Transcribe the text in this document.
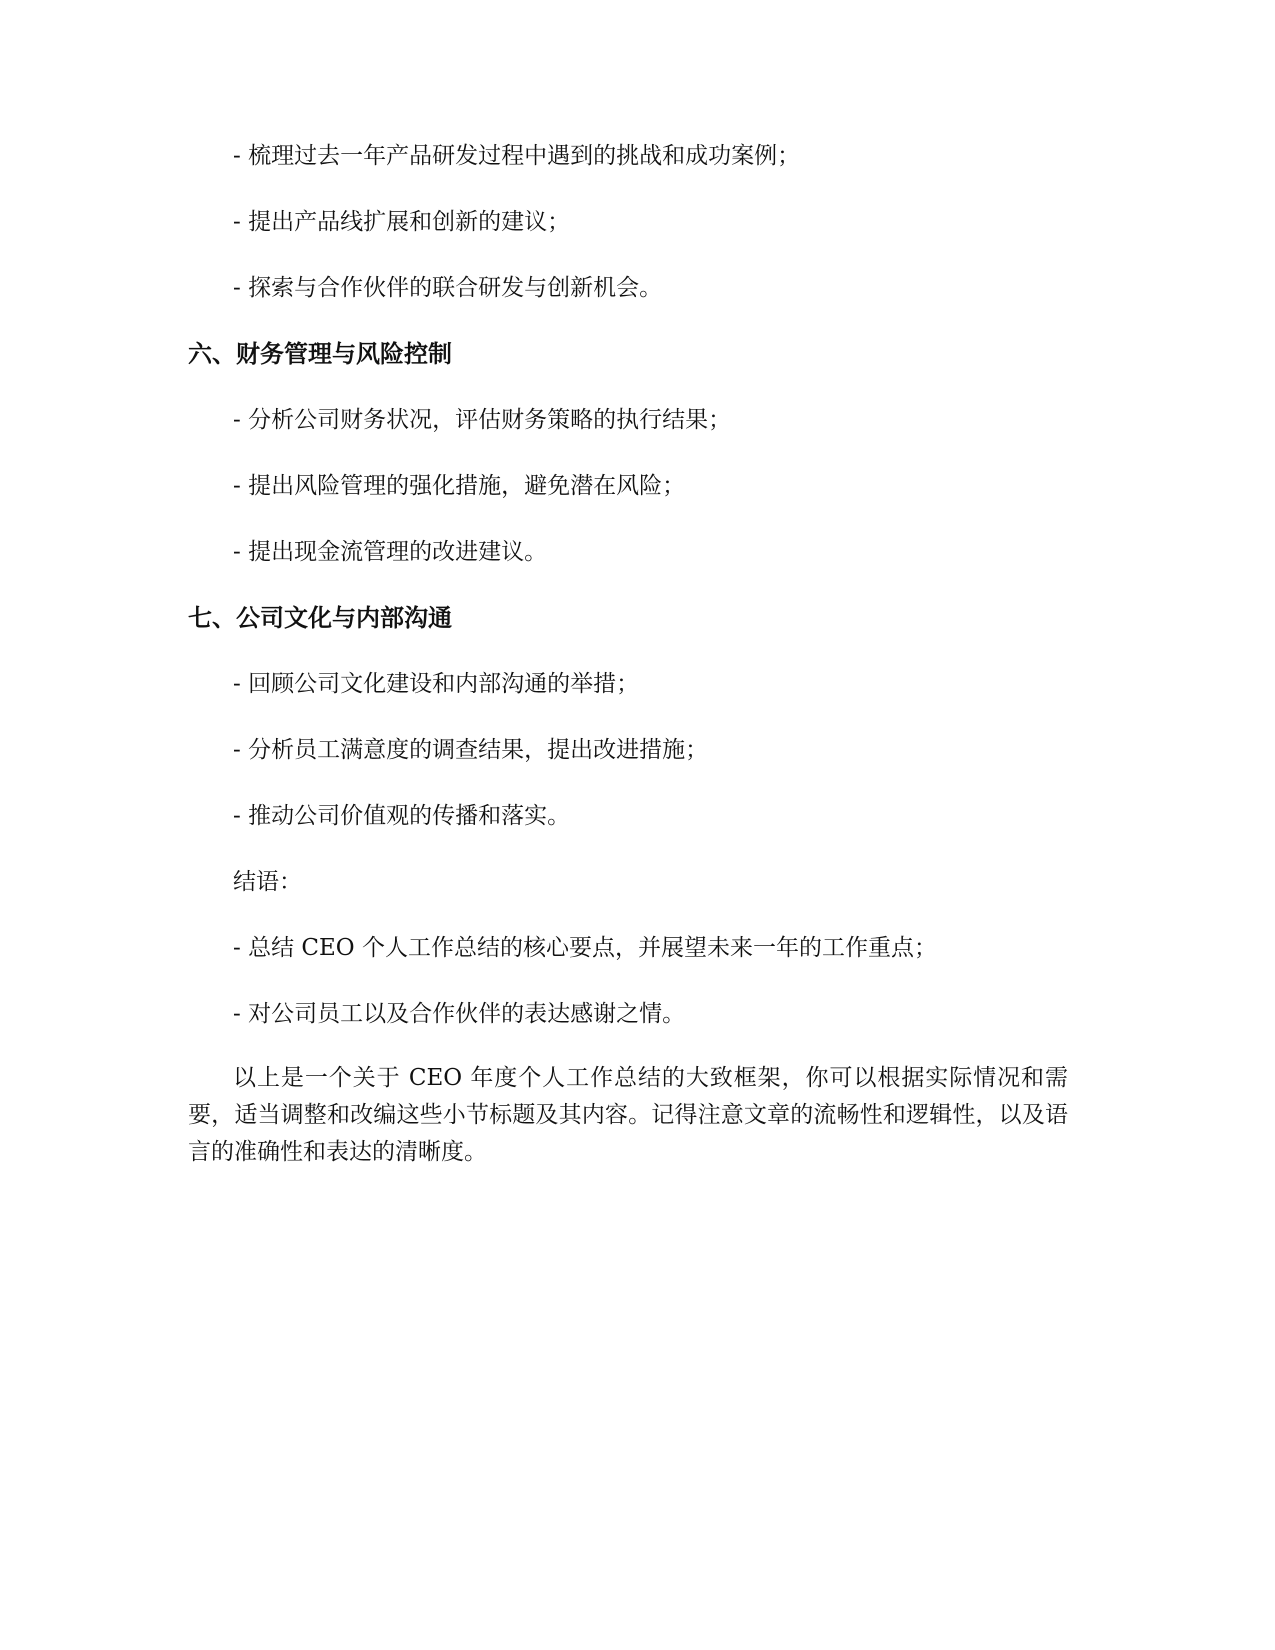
- 梳理过去一年产品研发过程中遇到的挑战和成功案例；

- 提出产品线扩展和创新的建议；

- 探索与合作伙伴的联合研发与创新机会。

六、财务管理与风险控制

- 分析公司财务状况，评估财务策略的执行结果；

- 提出风险管理的强化措施，避免潜在风险；

- 提出现金流管理的改进建议。

七、公司文化与内部沟通

- 回顾公司文化建设和内部沟通的举措；

- 分析员工满意度的调查结果，提出改进措施；

- 推动公司价值观的传播和落实。

结语：

- 总结 CEO 个人工作总结的核心要点，并展望未来一年的工作重点；

- 对公司员工以及合作伙伴的表达感谢之情。

以上是一个关于 CEO 年度个人工作总结的大致框架，你可以根据实际情况和需要，适当调整和改编这些小节标题及其内容。记得注意文章的流畅性和逻辑性，以及语言的准确性和表达的清晰度。
